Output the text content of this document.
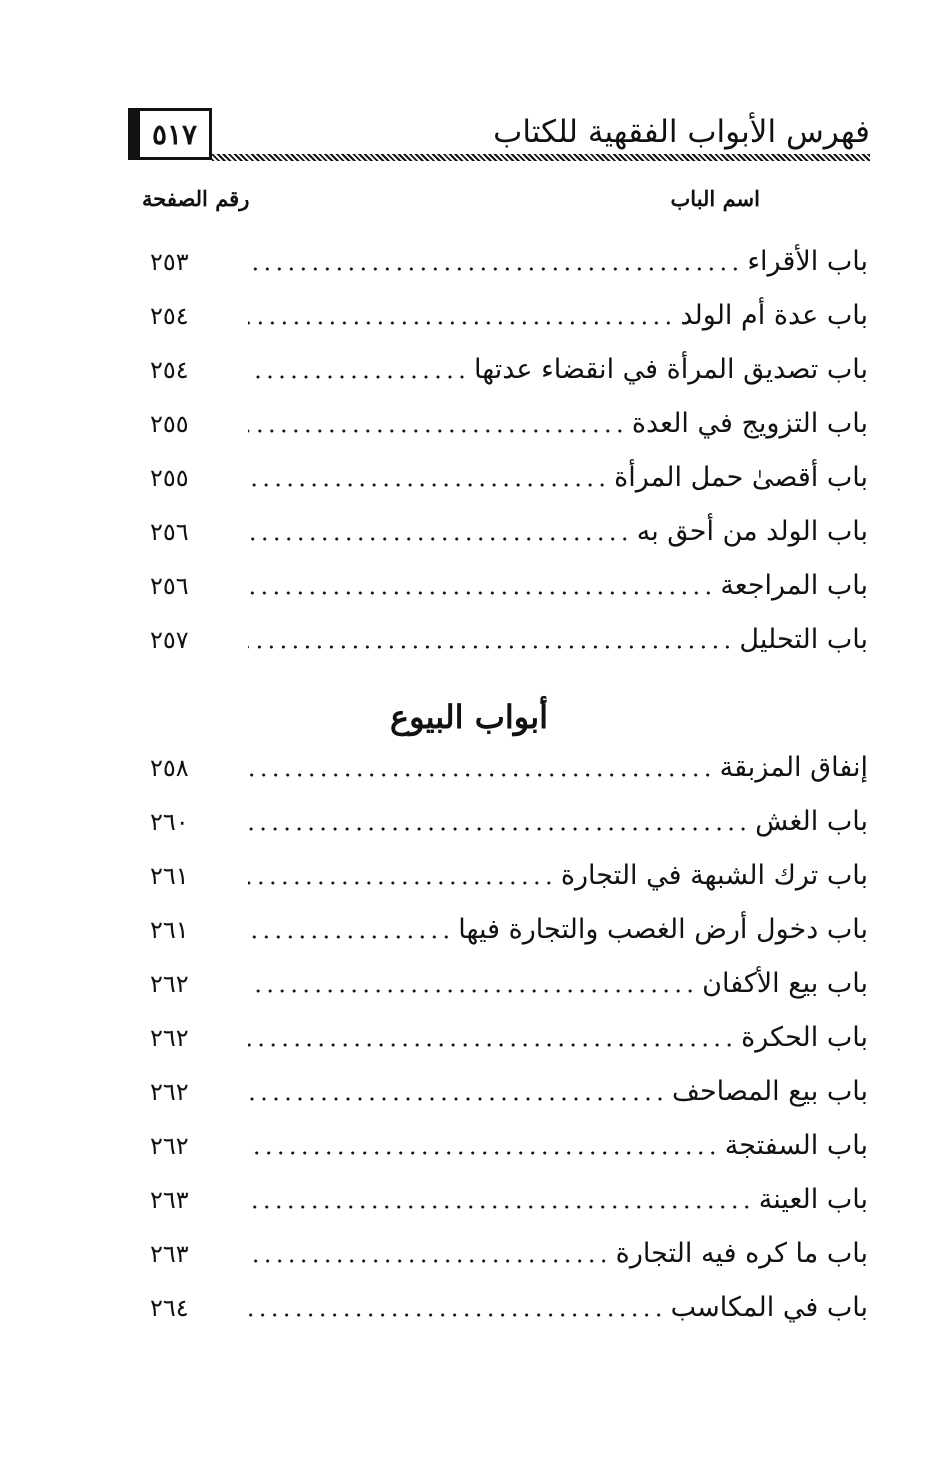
٥١٧	فهرس الأبواب الفقهية للكتاب
اسم الباب
رقم الصفحة
باب الأقراء
٢٥٣
باب عدة أم الولد
٢٥٤
باب تصديق المرأة في انقضاء عدتها
٢٥٤
باب التزويج في العدة
٢٥٥
باب أقصىٰ حمل المرأة
٢٥٥
باب الولد من أحق به
٢٥٦
باب المراجعة
٢٥٦
باب التحليل
٢٥٧
أبواب البيوع
إنفاق المزبقة
٢٥٨
باب الغش
٢٦٠
باب ترك الشبهة في التجارة
٢٦١
باب دخول أرض الغصب والتجارة فيها
٢٦١
باب بيع الأكفان
٢٦٢
باب الحكرة
٢٦٢
باب بيع المصاحف
٢٦٢
باب السفتجة
٢٦٢
باب العينة
٢٦٣
باب ما كره فيه التجارة
٢٦٣
باب في المكاسب
٢٦٤
